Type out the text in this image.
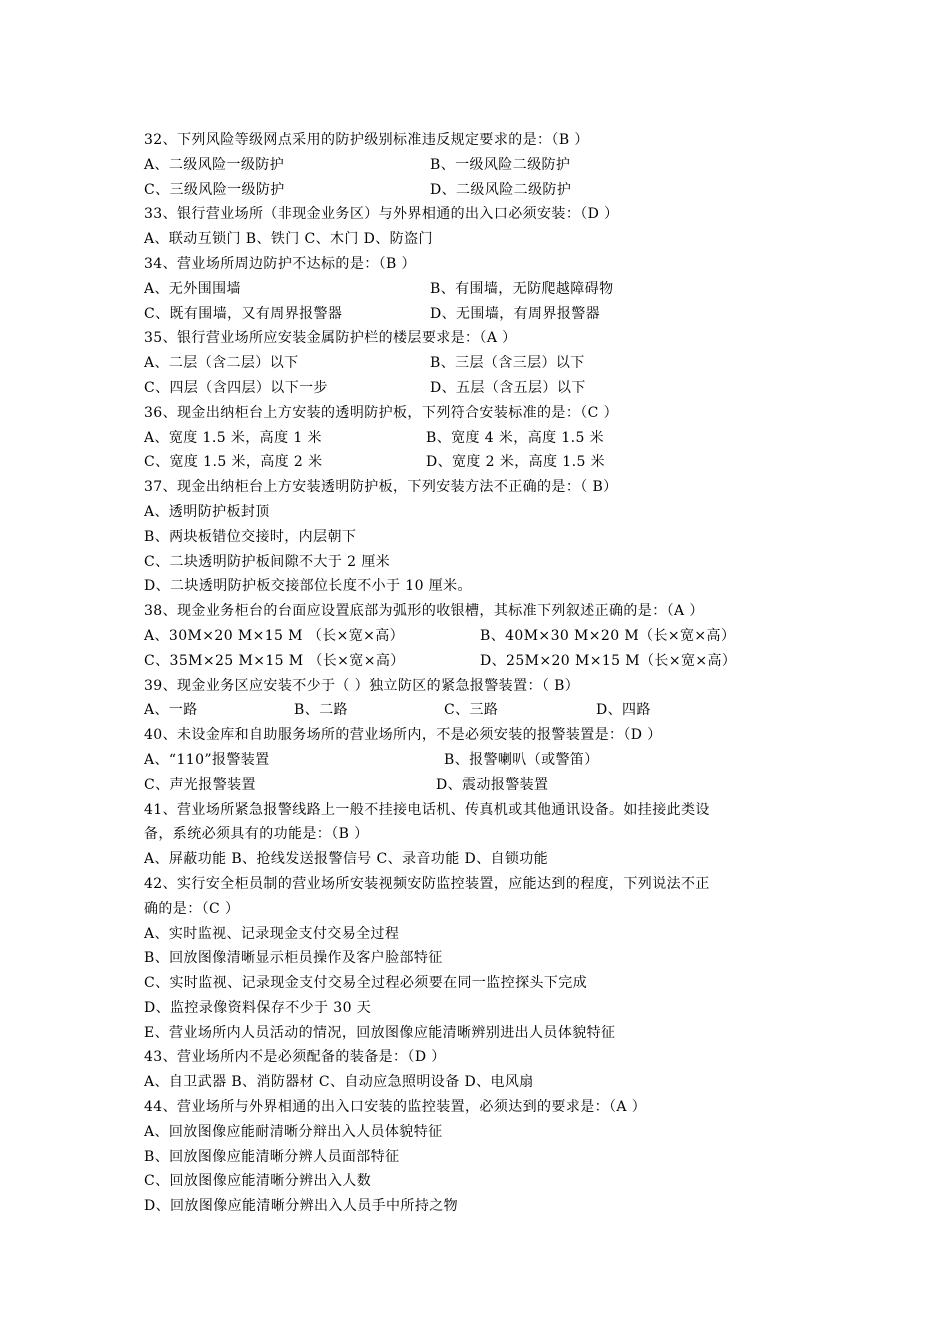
32、下列风险等级网点采用的防护级别标准违反规定要求的是：（B ）
A、二级风险一级防护	B、一级风险二级防护
C、三级风险一级防护	D、二级风险二级防护
33、银行营业场所（非现金业务区）与外界相通的出入口必须安装：（D ）
A、联动互锁门 B、铁门 C、木门 D、防盗门
34、营业场所周边防护不达标的是：（B ）
A、无外围围墙	B、有围墙，无防爬越障碍物
C、既有围墙，又有周界报警器	D、无围墙，有周界报警器
35、银行营业场所应安装金属防护栏的楼层要求是：（A ）
A、二层（含二层）以下	B、三层（含三层）以下
C、四层（含四层）以下一步	D、五层（含五层）以下
36、现金出纳柜台上方安装的透明防护板，下列符合安装标准的是：（C ）
A、宽度 1.5 米，高度 1 米	B、宽度 4 米，高度 1.5 米
C、宽度 1.5 米，高度 2 米	D、宽度 2 米，高度 1.5 米
37、现金出纳柜台上方安装透明防护板，下列安装方法不正确的是：（ B）
A、透明防护板封顶
B、两块板错位交接时，内层朝下
C、二块透明防护板间隙不大于 2 厘米
D、二块透明防护板交接部位长度不小于 10 厘米。
38、现金业务柜台的台面应设置底部为弧形的收银槽，其标准下列叙述正确的是：（A ）
A、30M×20 M×15 M （长×宽×高）	B、40M×30 M×20 M（长×宽×高）
C、35M×25 M×15 M （长×宽×高）	D、25M×20 M×15 M（长×宽×高）
39、现金业务区应安装不少于（ ）独立防区的紧急报警装置：（ B）
A、一路	B、二路	C、三路	D、四路
40、未设金库和自助服务场所的营业场所内，不是必须安装的报警装置是：（D ）
A、“110”报警装置	B、报警喇叭（或警笛）
C、声光报警装置	D、震动报警装置
41、营业场所紧急报警线路上一般不挂接电话机、传真机或其他通讯设备。如挂接此类设
备，系统必须具有的功能是：（B ）
A、屏蔽功能 B、抢线发送报警信号 C、录音功能 D、自锁功能
42、实行安全柜员制的营业场所安装视频安防监控装置，应能达到的程度，下列说法不正
确的是：（C ）
A、实时监视、记录现金支付交易全过程
B、回放图像清晰显示柜员操作及客户脸部特征
C、实时监视、记录现金支付交易全过程必须要在同一监控探头下完成
D、监控录像资料保存不少于 30 天
E、营业场所内人员活动的情况，回放图像应能清晰辨别进出人员体貌特征
43、营业场所内不是必须配备的装备是：（D ）
A、自卫武器 B、消防器材 C、自动应急照明设备 D、电风扇
44、营业场所与外界相通的出入口安装的监控装置，必须达到的要求是：（A ）
A、回放图像应能耐清晰分辩出入人员体貌特征
B、回放图像应能清晰分辨人员面部特征
C、回放图像应能清晰分辨出入人数
D、回放图像应能清晰分辨出入人员手中所持之物
